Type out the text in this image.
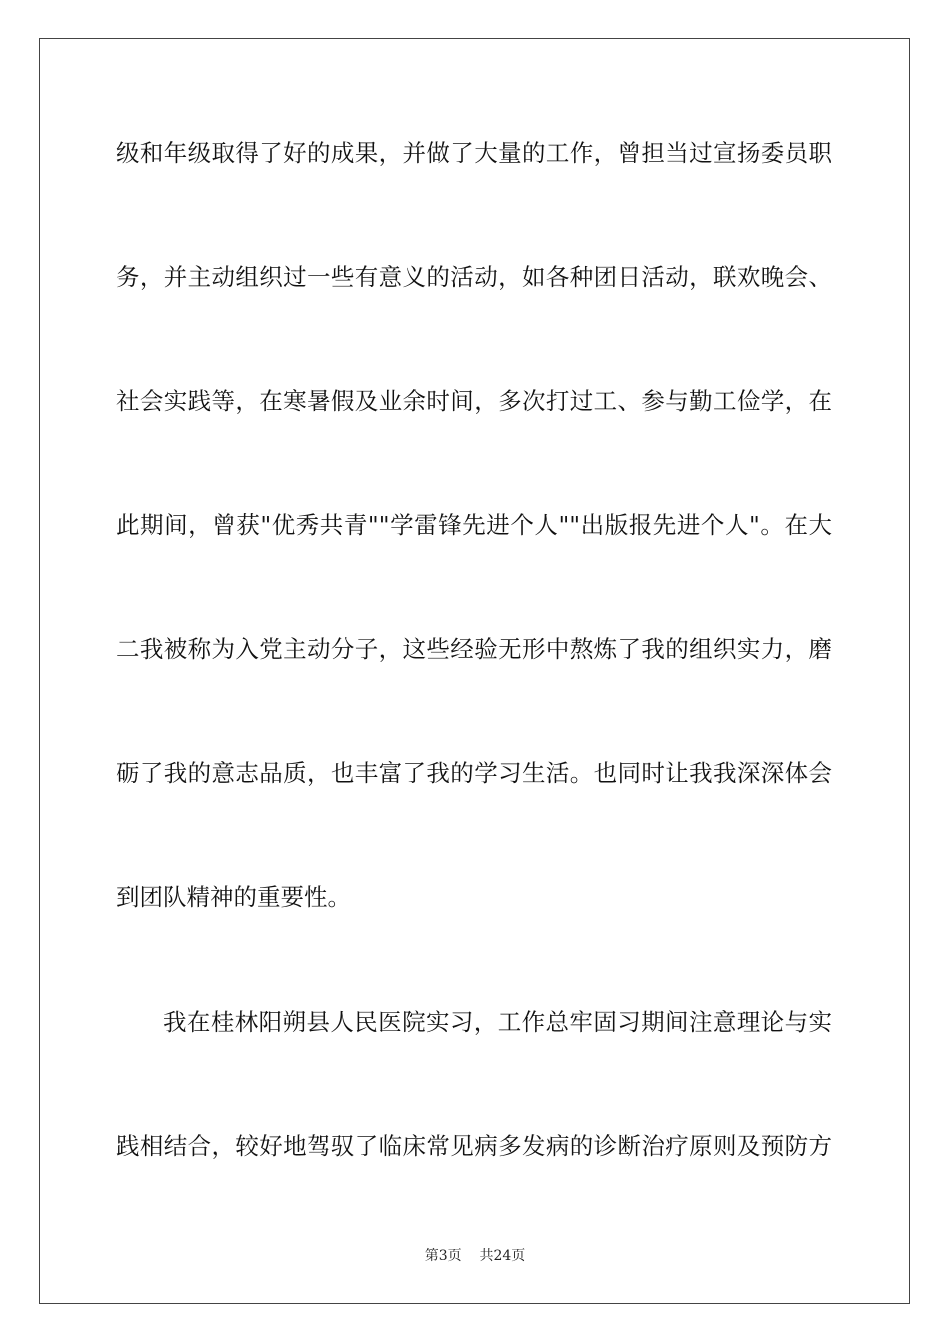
级和年级取得了好的成果，并做了大量的工作，曾担当过宣扬委员职
务，并主动组织过一些有意义的活动，如各种团日活动，联欢晚会、
社会实践等，在寒暑假及业余时间，多次打过工、参与勤工俭学，在
此期间，曾获"优秀共青""学雷锋先进个人""出版报先进个人"。在大
二我被称为入党主动分子，这些经验无形中熬炼了我的组织实力，磨
砺了我的意志品质，也丰富了我的学习生活。也同时让我我深深体会
到团队精神的重要性。
我在桂林阳朔县人民医院实习，工作总牢固习期间注意理论与实
践相结合，较好地驾驭了临床常见病多发病的诊断治疗原则及预防方
第3页 共24页
